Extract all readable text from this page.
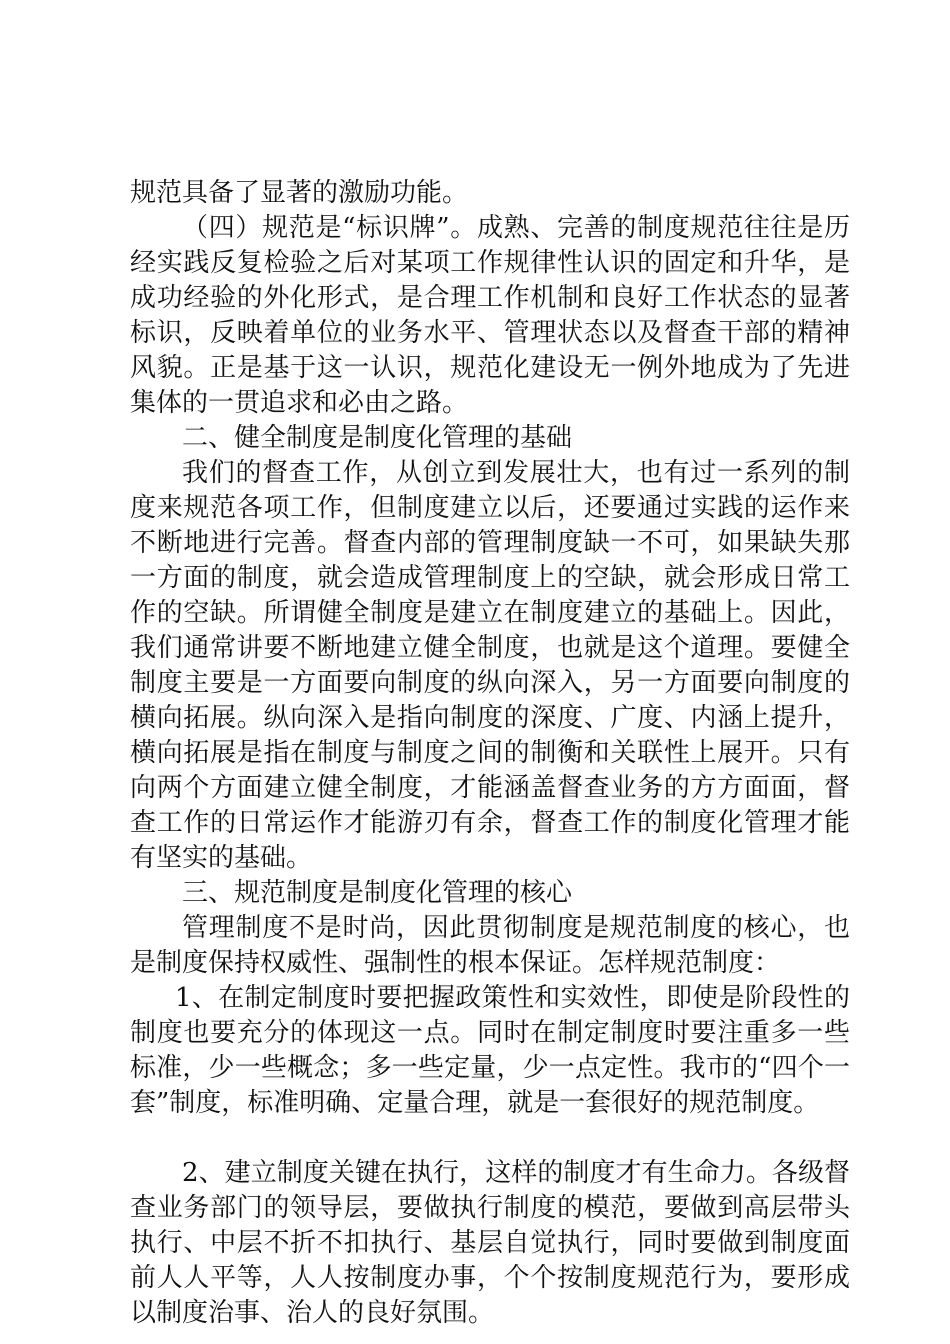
规范具备了显著的激励功能。

（四）规范是“标识牌”。成熟、完善的制度规范往往是历经实践反复检验之后对某项工作规律性认识的固定和升华，是成功经验的外化形式，是合理工作机制和良好工作状态的显著标识，反映着单位的业务水平、管理状态以及督查干部的精神风貌。正是基于这一认识，规范化建设无一例外地成为了先进集体的一贯追求和必由之路。

二、健全制度是制度化管理的基础

我们的督查工作，从创立到发展壮大，也有过一系列的制度来规范各项工作，但制度建立以后，还要通过实践的运作来不断地进行完善。督查内部的管理制度缺一不可，如果缺失那一方面的制度，就会造成管理制度上的空缺，就会形成日常工作的空缺。所谓健全制度是建立在制度建立的基础上。因此，我们通常讲要不断地建立健全制度，也就是这个道理。要健全制度主要是一方面要向制度的纵向深入，另一方面要向制度的横向拓展。纵向深入是指向制度的深度、广度、内涵上提升，横向拓展是指在制度与制度之间的制衡和关联性上展开。只有向两个方面建立健全制度，才能涵盖督查业务的方方面面，督查工作的日常运作才能游刃有余，督查工作的制度化管理才能有坚实的基础。

三、规范制度是制度化管理的核心

管理制度不是时尚，因此贯彻制度是规范制度的核心，也是制度保持权威性、强制性的根本保证。怎样规范制度：

1、在制定制度时要把握政策性和实效性，即使是阶段性的制度也要充分的体现这一点。同时在制定制度时要注重多一些标准，少一些概念；多一些定量，少一点定性。我市的“四个一套”制度，标准明确、定量合理，就是一套很好的规范制度。

2、建立制度关键在执行，这样的制度才有生命力。各级督查业务部门的领导层，要做执行制度的模范，要做到高层带头执行、中层不折不扣执行、基层自觉执行，同时要做到制度面前人人平等，人人按制度办事，个个按制度规范行为，要形成以制度治事、治人的良好氛围。
